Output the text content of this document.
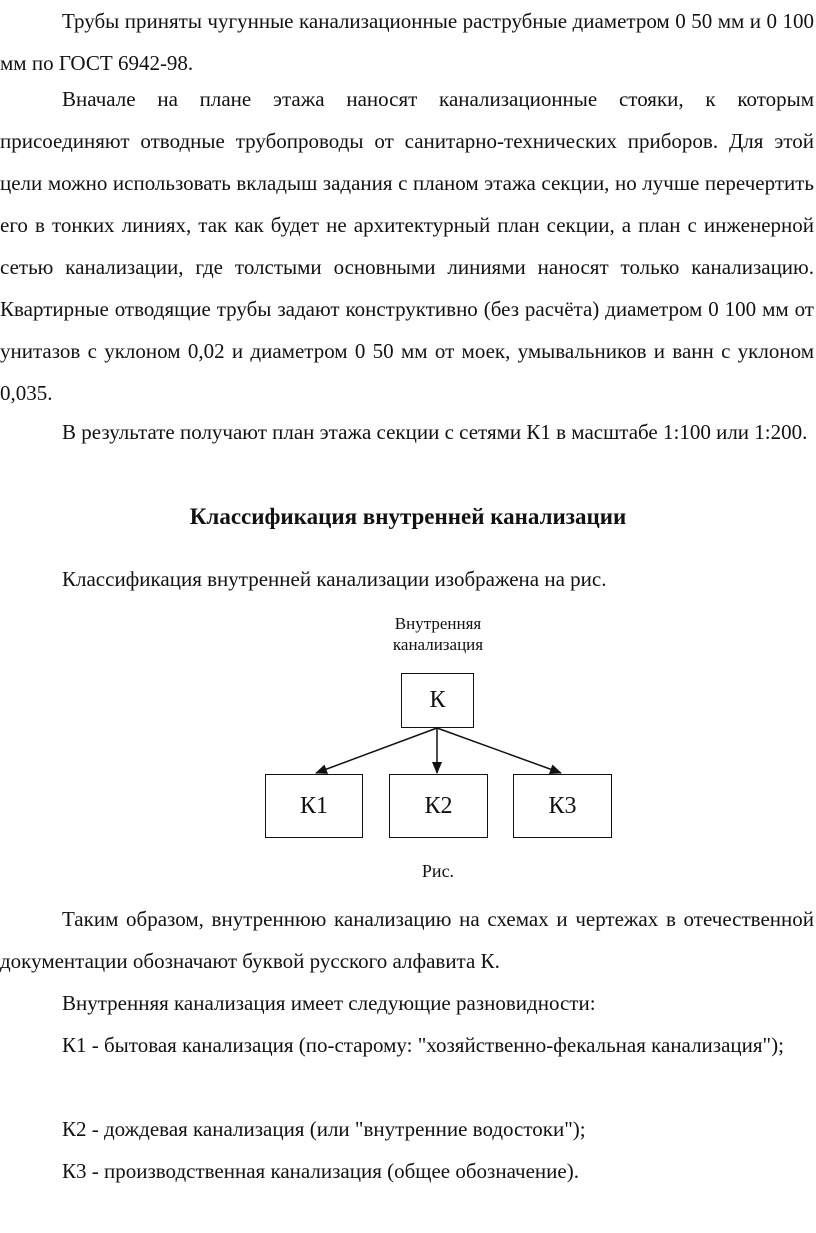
Трубы приняты чугунные канализационные раструбные диаметром 0 50 мм и 0 100 мм по ГОСТ 6942-98.

Вначале на плане этажа наносят канализационные стояки, к которым присоединяют отводные трубопроводы от санитарно-технических приборов. Для этой цели можно использовать вкладыш задания с планом этажа секции, но лучше перечертить его в тонких линиях, так как будет не архитектурный план секции, а план с инженерной сетью канализации, где толстыми основными линиями наносят только канализацию. Квартирные отводящие трубы задают конструктивно (без расчёта) диаметром 0 100 мм от унитазов с уклоном 0,02 и диаметром 0 50 мм от моек, умывальников и ванн с уклоном 0,035.

В результате получают план этажа секции с сетями К1 в масштабе 1:100 или 1:200.

Классификация внутренней канализации

Классификация внутренней канализации изображена на рис.

Внутренняя
канализация
К
К1	К2	К3
Рис.

Таким образом, внутреннюю канализацию на схемах и чертежах в отечественной документации обозначают буквой русского алфавита К.

Внутренняя канализация имеет следующие разновидности:

К1 - бытовая канализация (по-старому: "хозяйственно-фекальная канализация");

К2 - дождевая канализация (или "внутренние водостоки");

К3 - производственная канализация (общее обозначение).
